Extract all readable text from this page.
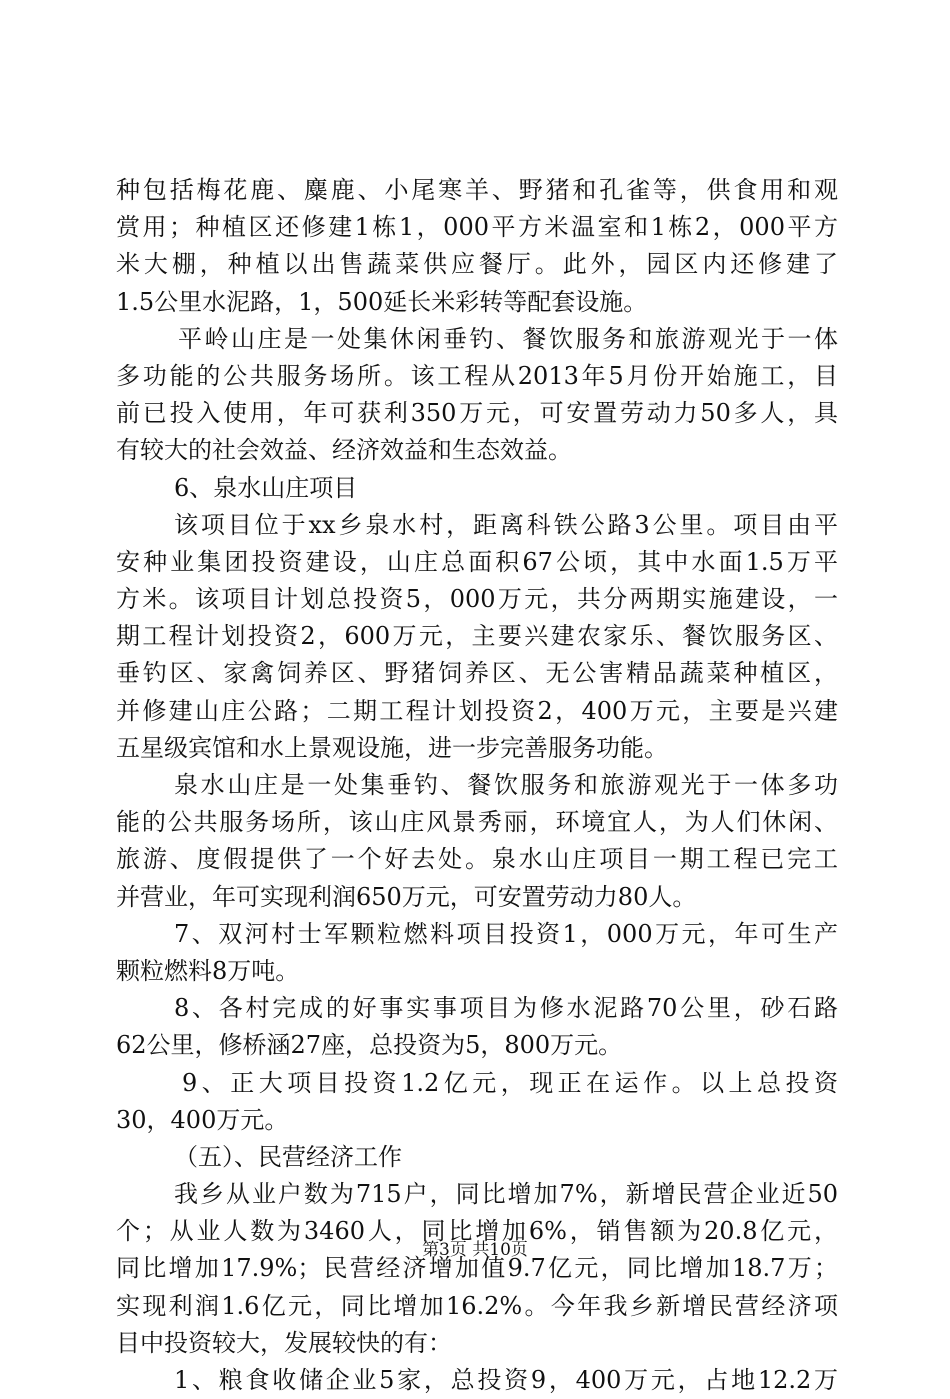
种包括梅花鹿、麋鹿、小尾寒羊、野猪和孔雀等，供食用和观
赏用；种植区还修建1栋1，000平方米温室和1栋2，000平方
米大棚，种植以出售蔬菜供应餐厅。此外，园区内还修建了
1.5公里水泥路，1，500延长米彩转等配套设施。
平岭山庄是一处集休闲垂钓、餐饮服务和旅游观光于一体
多功能的公共服务场所。该工程从2013年5月份开始施工，目
前已投入使用，年可获利350万元，可安置劳动力50多人，具
有较大的社会效益、经济效益和生态效益。
6、泉水山庄项目
该项目位于xx乡泉水村，距离科铁公路3公里。项目由平
安种业集团投资建设，山庄总面积67公顷，其中水面1.5万平
方米。该项目计划总投资5，000万元，共分两期实施建设，一
期工程计划投资2，600万元，主要兴建农家乐、餐饮服务区、
垂钓区、家禽饲养区、野猪饲养区、无公害精品蔬菜种植区，
并修建山庄公路；二期工程计划投资2，400万元，主要是兴建
五星级宾馆和水上景观设施，进一步完善服务功能。
泉水山庄是一处集垂钓、餐饮服务和旅游观光于一体多功
能的公共服务场所，该山庄风景秀丽，环境宜人，为人们休闲、
旅游、度假提供了一个好去处。泉水山庄项目一期工程已完工
并营业，年可实现利润650万元，可安置劳动力80人。
7、双河村士军颗粒燃料项目投资1，000万元，年可生产
颗粒燃料8万吨。
8、各村完成的好事实事项目为修水泥路70公里，砂石路
62公里，修桥涵27座，总投资为5，800万元。
9、正大项目投资1.2亿元，现正在运作。以上总投资
30，400万元。
（五）、民营经济工作
我乡从业户数为715户，同比增加7%，新增民营企业近50
个；从业人数为3460人，同比增加6%，销售额为20.8亿元，
同比增加17.9%；民营经济增加值9.7亿元，同比增加18.7万；
实现利润1.6亿元，同比增加16.2%。今年我乡新增民营经济项
目中投资较大，发展较快的有：
1、粮食收储企业5家，总投资9，400万元，占地12.2万
第3页 共10页
